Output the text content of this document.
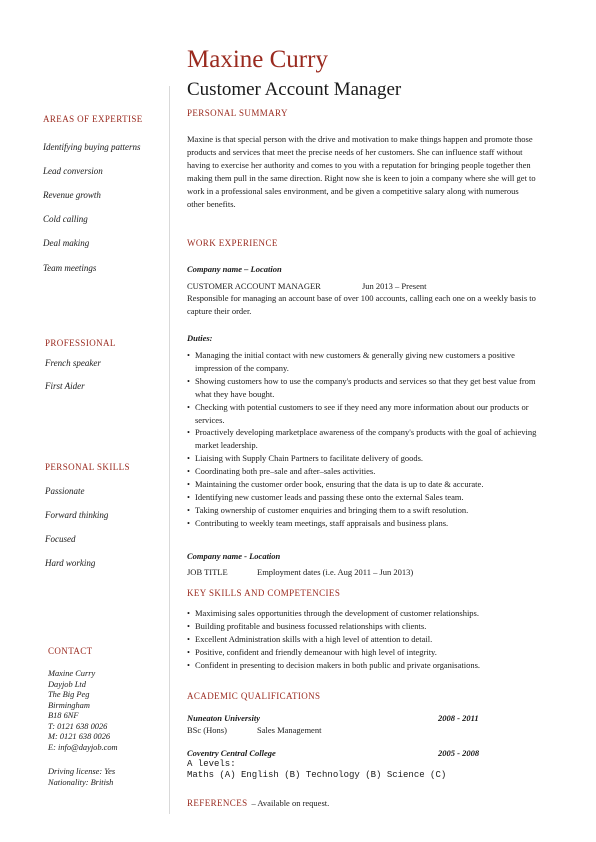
Maxine Curry
Customer Account Manager
AREAS OF EXPERTISE
Identifying buying patterns
Lead conversion
Revenue growth
Cold calling
Deal making
Team meetings
PROFESSIONAL
French speaker
First Aider
PERSONAL SKILLS
Passionate
Forward thinking
Focused
Hard working
CONTACT
Maxine Curry
Dayjob Ltd
The Big Peg
Birmingham
B18 6NF
T: 0121 638 0026
M: 0121 638 0026
E: info@dayjob.com
Driving license: Yes
Nationality: British
PERSONAL SUMMARY
Maxine is that special person with the drive and motivation to make things happen and promote those products and services that meet the precise needs of her customers. She can influence staff without having to exercise her authority and comes to you with a reputation for bringing people together then making them pull in the same direction. Right now she is keen to join a company where she will get to work in a professional sales environment, and be given a competitive salary along with numerous other benefits.
WORK EXPERIENCE
Company name – Location
CUSTOMER ACCOUNT MANAGER	Jun 2013 – Present
Responsible for managing an account base of over 100 accounts, calling each one on a weekly basis to capture their order.
Duties:
• Managing the initial contact with new customers & generally giving new customers a positive impression of the company.
• Showing customers how to use the company's products and services so that they get best value from what they have bought.
• Checking with potential customers to see if they need any more information about our products or services.
• Proactively developing marketplace awareness of the company's products with the goal of achieving market leadership.
• Liaising with Supply Chain Partners to facilitate delivery of goods.
• Coordinating both pre–sale and after–sales activities.
• Maintaining the customer order book, ensuring that the data is up to date & accurate.
• Identifying new customer leads and passing these onto the external Sales team.
• Taking ownership of customer enquiries and bringing them to a swift resolution.
• Contributing to weekly team meetings, staff appraisals and business plans.
Company name - Location
JOB TITLE	Employment dates (i.e. Aug 2011 – Jun 2013)
KEY SKILLS AND COMPETENCIES
• Maximising sales opportunities through the development of customer relationships.
• Building profitable and business focussed relationships with clients.
• Excellent Administration skills with a high level of attention to detail.
• Positive, confident and friendly demeanour with high level of integrity.
• Confident in presenting to decision makers in both public and private organisations.
ACADEMIC QUALIFICATIONS
Nuneaton University	2008 - 2011
BSc (Hons)	Sales Management
Coventry Central College	2005 - 2008
A levels:
Maths (A) English (B) Technology (B) Science (C)
REFERENCES – Available on request.
